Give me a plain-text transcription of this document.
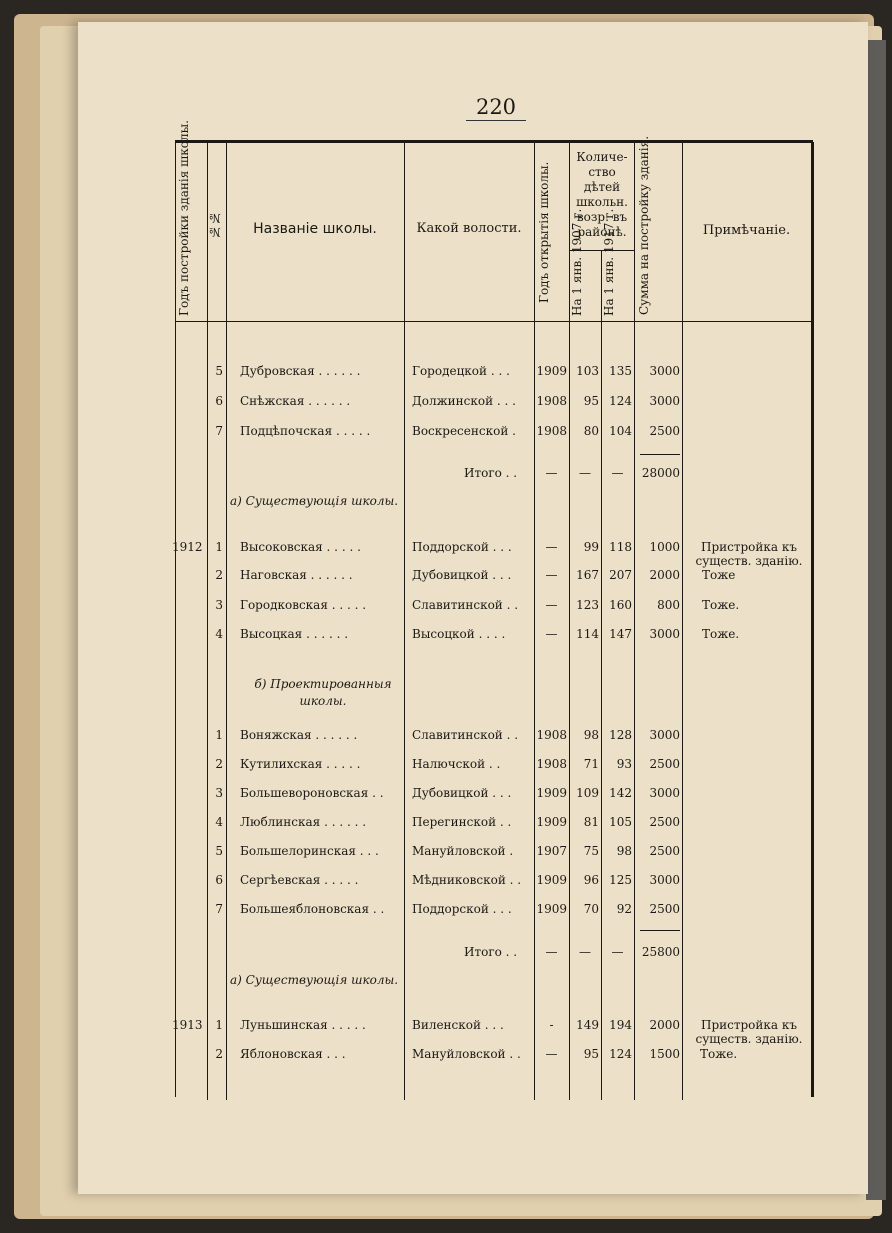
220
Годъ постройки зданія школы.	№№	Названіе школы.	Какой волости.	Годъ открытія школы.
Количе-ство дѣтей школьн. возр. въ районѣ.
На 1 янв. 1907 г.	На 1 янв. 1917 г.	Сумма на постройку зданія.	Примѣчаніе.
5 Дубровская . . . . . .	Городецкой . . . 1909 103 135	3000
6 Снѣжская . . . . . .	Должинской . . . 1908	95 124	3000
7 Подцѣпочская . . . . .	Воскресенской . 1908	80 104	2500
Итого . .	—	—	—	28000
а) Существующія школы.
1912	1 Высоковская . . . . .	Поддорской . . .	—	99 118	1000	Пристройка къ существ. зданію.
2 Наговская . . . . . .	Дубовицкой . . .	—	167 207	2000 Тоже
3 Городковская . . . . .	Славитинской . .	—	123 160	800 Тоже.
4 Высоцкая . . . . . .	Высоцкой . . . .	—	114 147	3000 Тоже.
б) Проектированныя школы.
1 Воняжская . . . . . .	Славитинской . . 1908	98 128	3000
2 Кутилихская . . . . .	Налючской . .	1908	71	93	2500
3 Большевороновская . . Дубовицкой . . . 1909 109 142	3000
4 Люблинская . . . . . .	Перегинской . . 1909	81 105	2500
5 Большелоринская . . .	Мануйловской . 1907	75	98	2500
6 Сергѣевская . . . . .	Мѣдниковской . . 1909	96 125	3000
7 Большеяблоновская . . Поддорской . . . 1909	70	92	2500
Итого . .	—	—	—	25800
а) Существующія школы.
1913	1 Луньшинская . . . . .	Виленской . . .	-	149 194	2000	Пристройка къ существ. зданію.
2 Яблоновская . . .	Мануйловской . .	—	95 124	1500 Тоже.
